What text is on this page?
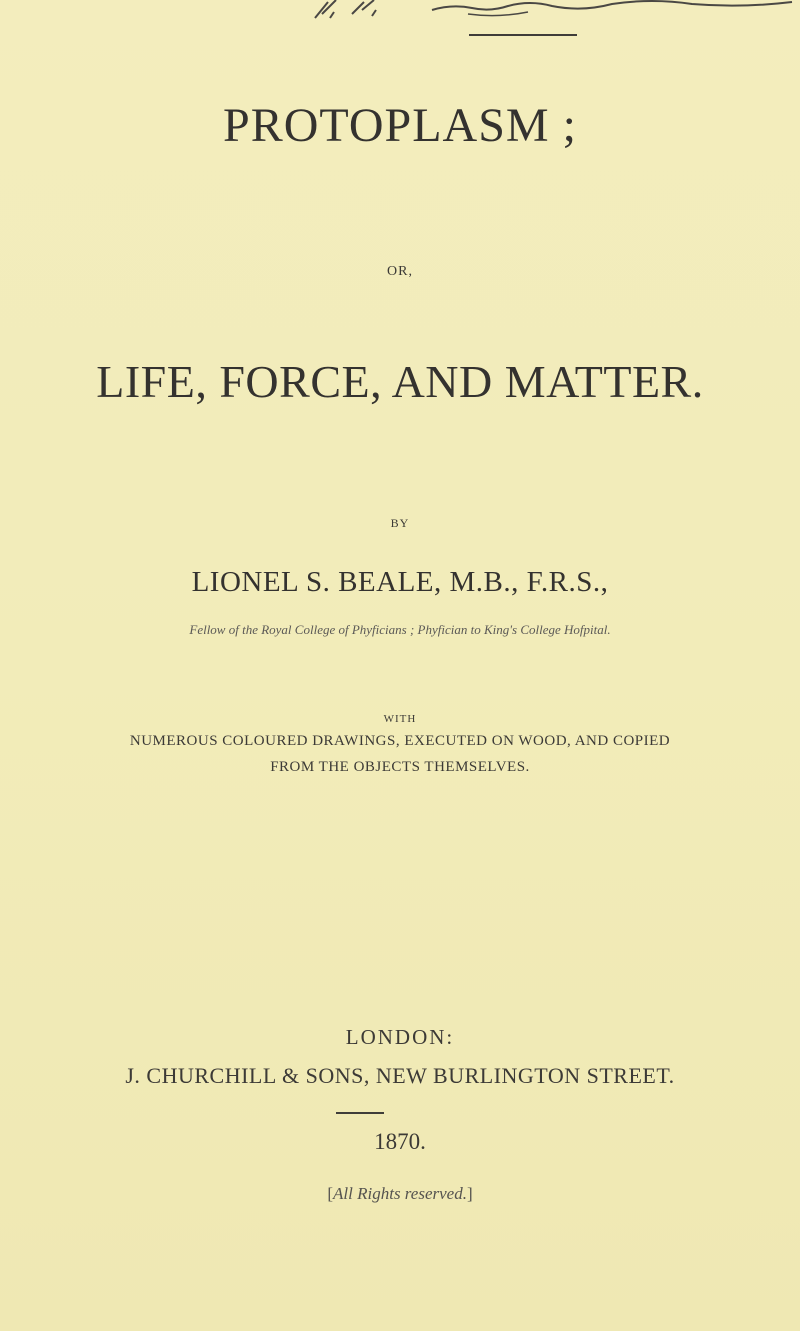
PROTOPLASM ;
OR,
LIFE, FORCE, AND MATTER.
BY
LIONEL S. BEALE, M.B., F.R.S.,
Fellow of the Royal College of Phyficians ; Phyfician to King's College Hofpital.
WITH
NUMEROUS COLOURED DRAWINGS, EXECUTED ON WOOD, AND COPIED
FROM THE OBJECTS THEMSELVES.
LONDON:
J. CHURCHILL & SONS, NEW BURLINGTON STREET.
1870.
[All Rights reserved.]
